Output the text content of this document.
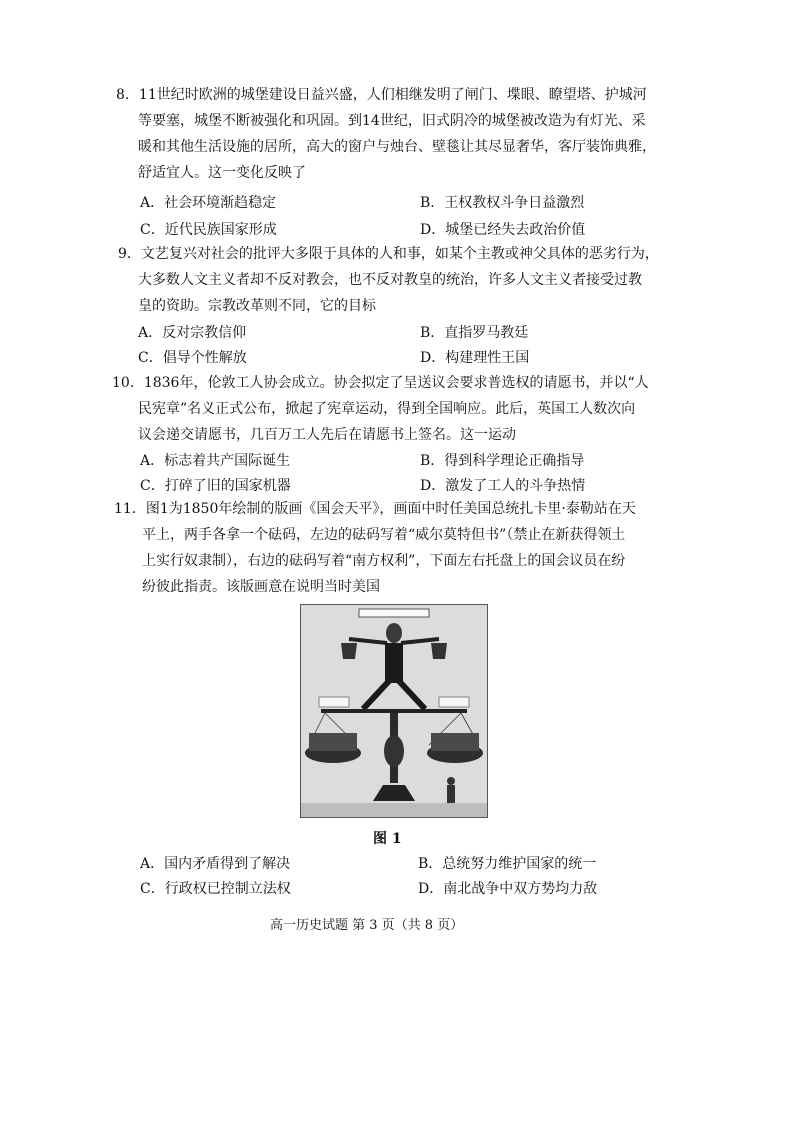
8．11世纪时欧洲的城堡建设日益兴盛，人们相继发明了闸门、堞眼、瞭望塔、护城河
等要塞，城堡不断被强化和巩固。到14世纪，旧式阴冷的城堡被改造为有灯光、采
暖和其他生活设施的居所，高大的窗户与烛台、壁毯让其尽显奢华，客厅装饰典雅，
舒适宜人。这一变化反映了
A．社会环境渐趋稳定	B．王权教权斗争日益激烈
C．近代民族国家形成	D．城堡已经失去政治价值
9．文艺复兴对社会的批评大多限于具体的人和事，如某个主教或神父具体的恶劣行为，
大多数人文主义者却不反对教会，也不反对教皇的统治，许多人文主义者接受过教
皇的资助。宗教改革则不同，它的目标
A．反对宗教信仰	B．直指罗马教廷
C．倡导个性解放	D．构建理性王国
10．1836年，伦敦工人协会成立。协会拟定了呈送议会要求普选权的请愿书，并以“人
民宪章”名义正式公布，掀起了宪章运动，得到全国响应。此后，英国工人数次向
议会递交请愿书，几百万工人先后在请愿书上签名。这一运动
A．标志着共产国际诞生	B．得到科学理论正确指导
C．打碎了旧的国家机器	D．激发了工人的斗争热情
11．图1为1850年绘制的版画《国会天平》，画面中时任美国总统扎卡里·泰勒站在天
平上，两手各拿一个砝码，左边的砝码写着“威尔莫特但书”（禁止在新获得领土
上实行奴隶制），右边的砝码写着“南方权利”，下面左右托盘上的国会议员在纷
纷彼此指责。该版画意在说明当时美国
图 1
A．国内矛盾得到了解决	B．总统努力维护国家的统一
C．行政权已控制立法权	D．南北战争中双方势均力敌
高一历史试题 第 3 页（共 8 页）
